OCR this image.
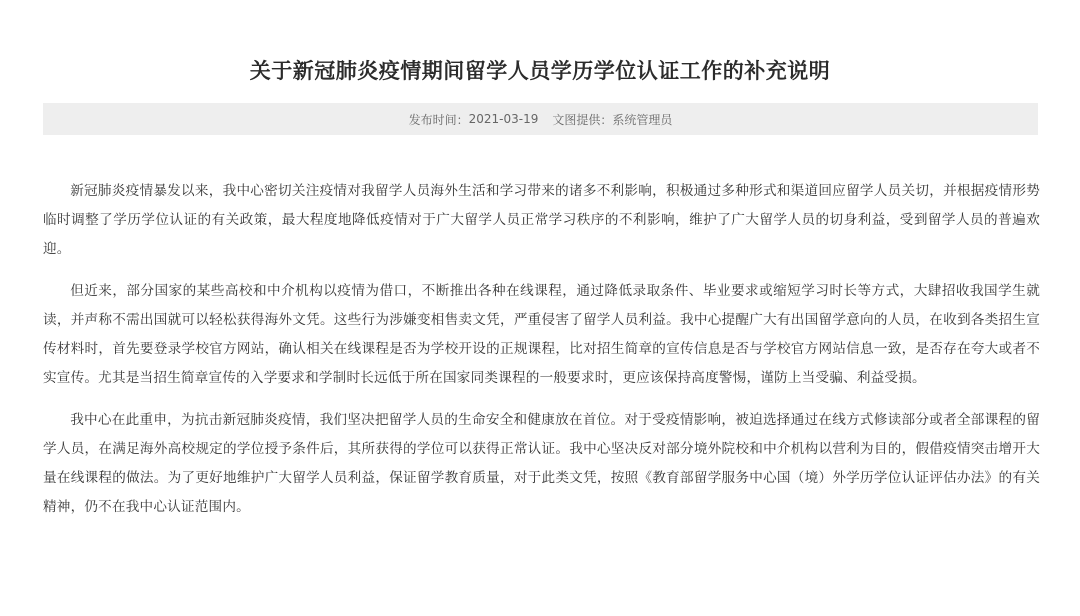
关于新冠肺炎疫情期间留学人员学历学位认证工作的补充说明
发布时间： 2021-03-19 文图提供： 系统管理员

新冠肺炎疫情暴发以来，我中心密切关注疫情对我留学人员海外生活和学习带来的诸多不利影响，积极通过多种形式和渠道回应留学人员关切，并根据疫情形势临时调整了学历学位认证的有关政策，最大程度地降低疫情对于广大留学人员正常学习秩序的不利影响，维护了广大留学人员的切身利益，受到留学人员的普遍欢迎。

但近来，部分国家的某些高校和中介机构以疫情为借口，不断推出各种在线课程，通过降低录取条件、毕业要求或缩短学习时长等方式，大肆招收我国学生就读，并声称不需出国就可以轻松获得海外文凭。这些行为涉嫌变相售卖文凭，严重侵害了留学人员利益。我中心提醒广大有出国留学意向的人员，在收到各类招生宣传材料时，首先要登录学校官方网站，确认相关在线课程是否为学校开设的正规课程，比对招生简章的宣传信息是否与学校官方网站信息一致，是否存在夸大或者不实宣传。尤其是当招生简章宣传的入学要求和学制时长远低于所在国家同类课程的一般要求时，更应该保持高度警惕，谨防上当受骗、利益受损。

我中心在此重申，为抗击新冠肺炎疫情，我们坚决把留学人员的生命安全和健康放在首位。对于受疫情影响，被迫选择通过在线方式修读部分或者全部课程的留学人员，在满足海外高校规定的学位授予条件后，其所获得的学位可以获得正常认证。我中心坚决反对部分境外院校和中介机构以营利为目的，假借疫情突击增开大量在线课程的做法。为了更好地维护广大留学人员利益，保证留学教育质量，对于此类文凭，按照《教育部留学服务中心国（境）外学历学位认证评估办法》的有关精神，仍不在我中心认证范围内。
